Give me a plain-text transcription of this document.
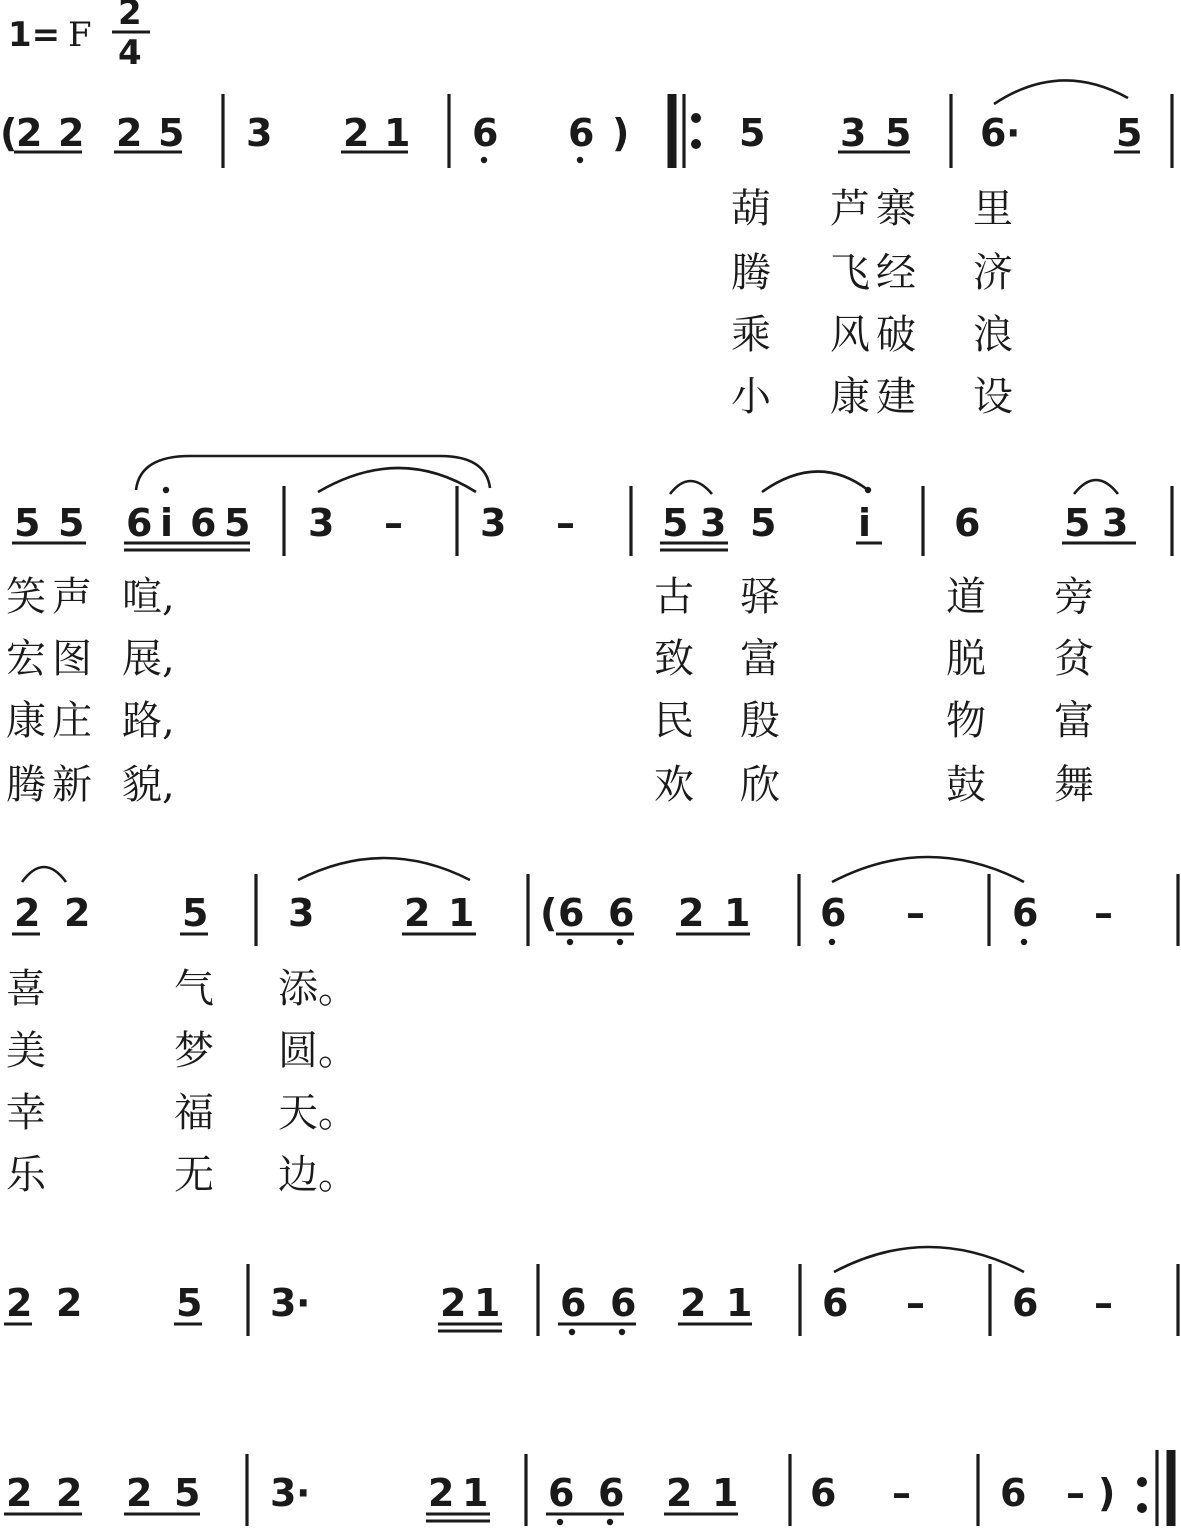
1= F
2
4
(
2 2 2 5 3 2 1 6 6 )	5 3 5 6 ·	5
葫 芦 寨 里
腾 飞 经 济
乘 风 破 浪
小 康 建 设
5 5 6 i 6 5 3 – 3 – 5 3 5 i 6 5 3
笑 声 喧,	古 驿	道 旁
宏 图 展,	致 富	脱 贫
康 庄 路,	民 殷	物 富
腾 新 貌,	欢 欣	鼓 舞
2 2 5 3 2 1 ( 6 6 2 1 6 – 6 –
喜	气 添。
美	梦 圆。
幸	福 天。
乐	无 边。
2 2 5 3 ·	2 1 6 6 2 1 6 – 6 –
2 2 2 5 3 ·	2 1 6 6 2 1 6 – 6 – )
